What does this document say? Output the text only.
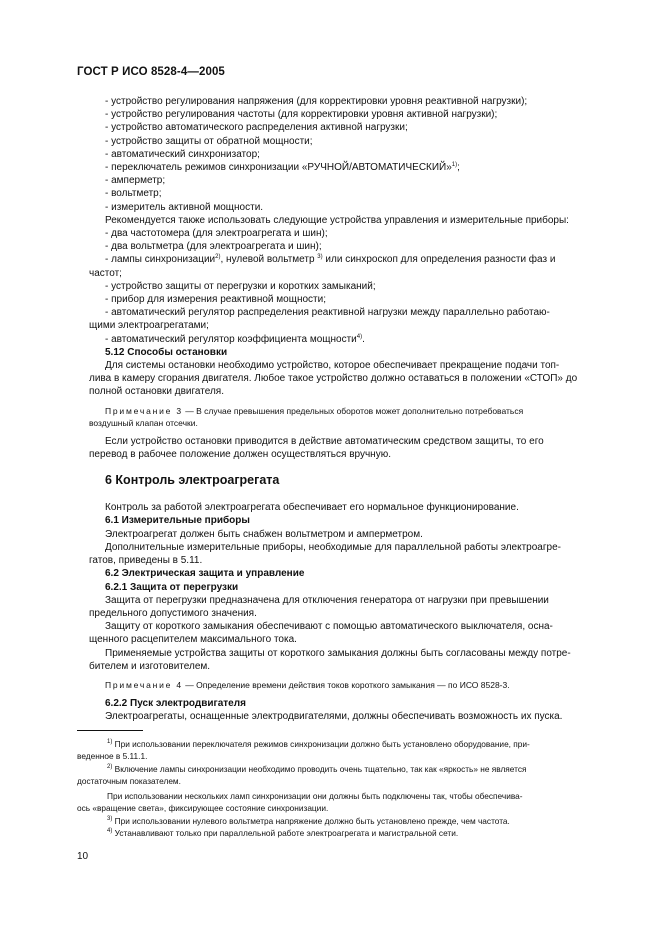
ГОСТ Р ИСО 8528-4—2005

- устройство регулирования напряжения (для корректировки уровня реактивной нагрузки);

- устройство регулирования частоты (для корректировки уровня активной нагрузки);

- устройство автоматического распределения активной нагрузки;

- устройство защиты от обратной мощности;

- автоматический синхронизатор;

- переключатель режимов синхронизации «РУЧНОЙ/АВТОМАТИЧЕСКИЙ»$^{1)}$;

- амперметр;

- вольтметр;

- измеритель активной мощности.

Рекомендуется также использовать следующие устройства управления и измерительные приборы:

- два частотомера (для электроагрегата и шин);

- два вольтметра (для электроагрегата и шин);

- лампы синхронизации$^{2)}$, нулевой вольтметр $^{3)}$ или синхроскоп для определения разности фаз и

частот;

- устройство защиты от перегрузки и коротких замыканий;

- прибор для измерения реактивной мощности;

- автоматический регулятор распределения реактивной нагрузки между параллельно работаю-

щими электроагрегатами;

- автоматический регулятор коэффициента мощности$^{4)}$.

5.12 Способы остановки

Для системы остановки необходимо устройство, которое обеспечивает прекращение подачи топ-

лива в камеру сгорания двигателя. Любое такое устройство должно оставаться в положении «СТОП» до

полной остановки двигателя.

Примечание 3 — В случае превышения предельных оборотов может дополнительно потребоваться
воздушный клапан отсечки.

Если устройство остановки приводится в действие автоматическим средством защиты, то его

перевод в рабочее положение должен осуществляться вручную.

6 Контроль электроагрегата

Контроль за работой электроагрегата обеспечивает его нормальное функционирование.

6.1 Измерительные приборы

Электроагрегат должен быть снабжен вольтметром и амперметром.

Дополнительные измерительные приборы, необходимые для параллельной работы электроагре-

гатов, приведены в 5.11.

6.2 Электрическая защита и управление

6.2.1 Защита от перегрузки

Защита от перегрузки предназначена для отключения генератора от нагрузки при превышении

предельного допустимого значения.

Защиту от короткого замыкания обеспечивают с помощью автоматического выключателя, осна-

щенного расцепителем максимального тока.

Применяемые устройства защиты от короткого замыкания должны быть согласованы между потре-

бителем и изготовителем.

Примечание 4 — Определение времени действия токов короткого замыкания — по ИСО 8528-3.

6.2.2 Пуск электродвигателя

Электроагрегаты, оснащенные электродвигателями, должны обеспечивать возможность их пуска.

$^{1)}$ При использовании переключателя режимов синхронизации должно быть установлено оборудование, при-

веденное в 5.11.1.

$^{2)}$ Включение лампы синхронизации необходимо проводить очень тщательно, так как «яркость» не является

достаточным показателем.

При использовании нескольких ламп синхронизации они должны быть подключены так, чтобы обеспечива-

ось «вращение света», фиксирующее состояние синхронизации.

$^{3)}$ При использовании нулевого вольтметра напряжение должно быть установлено прежде, чем частота.

$^{4)}$ Устанавливают только при параллельной работе электроагрегата и магистральной сети.

10
